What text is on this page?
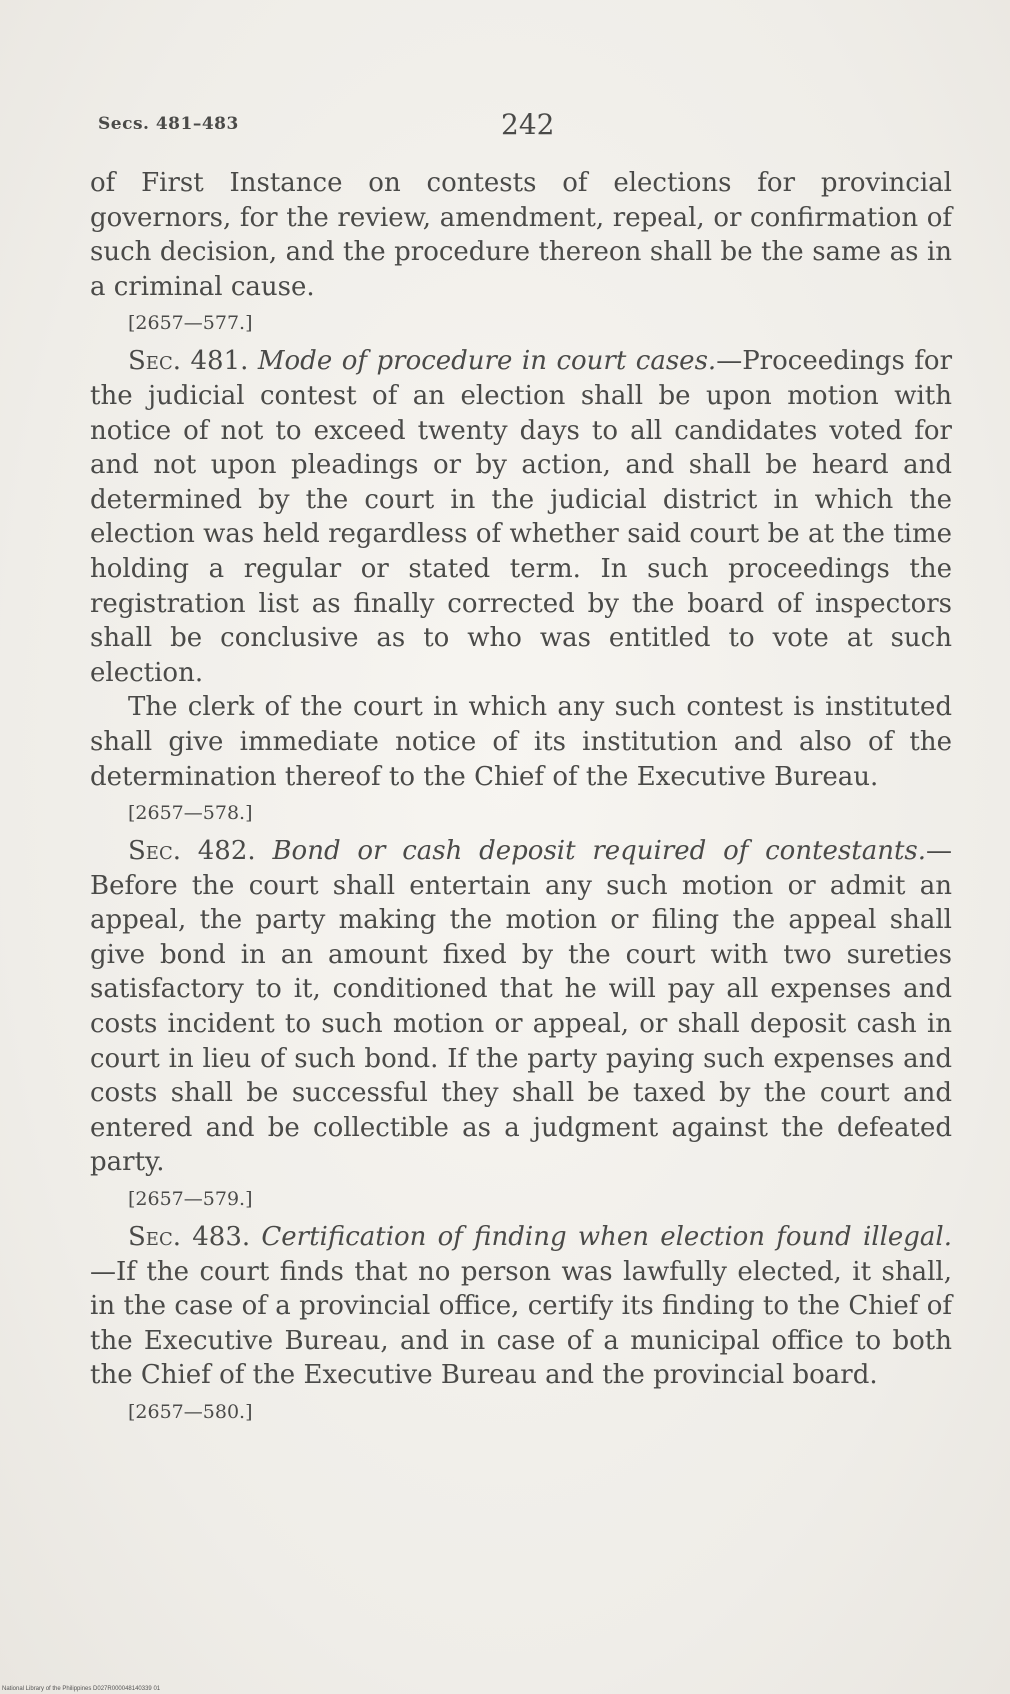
Secs. 481–483	242

of First Instance on contests of elections for provincial governors, for the review, amendment, repeal, or confirmation of such decision, and the procedure thereon shall be the same as in a criminal cause.

[2657—577.]

Sec. 481. Mode of procedure in court cases.—Proceedings for the judicial contest of an election shall be upon motion with notice of not to exceed twenty days to all candidates voted for and not upon pleadings or by action, and shall be heard and determined by the court in the judicial district in which the election was held regardless of whether said court be at the time holding a regular or stated term. In such proceedings the registration list as finally corrected by the board of inspectors shall be conclusive as to who was entitled to vote at such election.

The clerk of the court in which any such contest is instituted shall give immediate notice of its institution and also of the determination thereof to the Chief of the Executive Bureau.

[2657—578.]

Sec. 482. Bond or cash deposit required of contestants.—Before the court shall entertain any such motion or admit an appeal, the party making the motion or filing the appeal shall give bond in an amount fixed by the court with two sureties satisfactory to it, conditioned that he will pay all expenses and costs incident to such motion or appeal, or shall deposit cash in court in lieu of such bond. If the party paying such expenses and costs shall be successful they shall be taxed by the court and entered and be collectible as a judgment against the defeated party.

[2657—579.]

Sec. 483. Certification of finding when election found illegal.—If the court finds that no person was lawfully elected, it shall, in the case of a provincial office, certify its finding to the Chief of the Executive Bureau, and in case of a municipal office to both the Chief of the Executive Bureau and the provincial board.

[2657—580.]

National Library of the Philippines D027R000048140339 01
